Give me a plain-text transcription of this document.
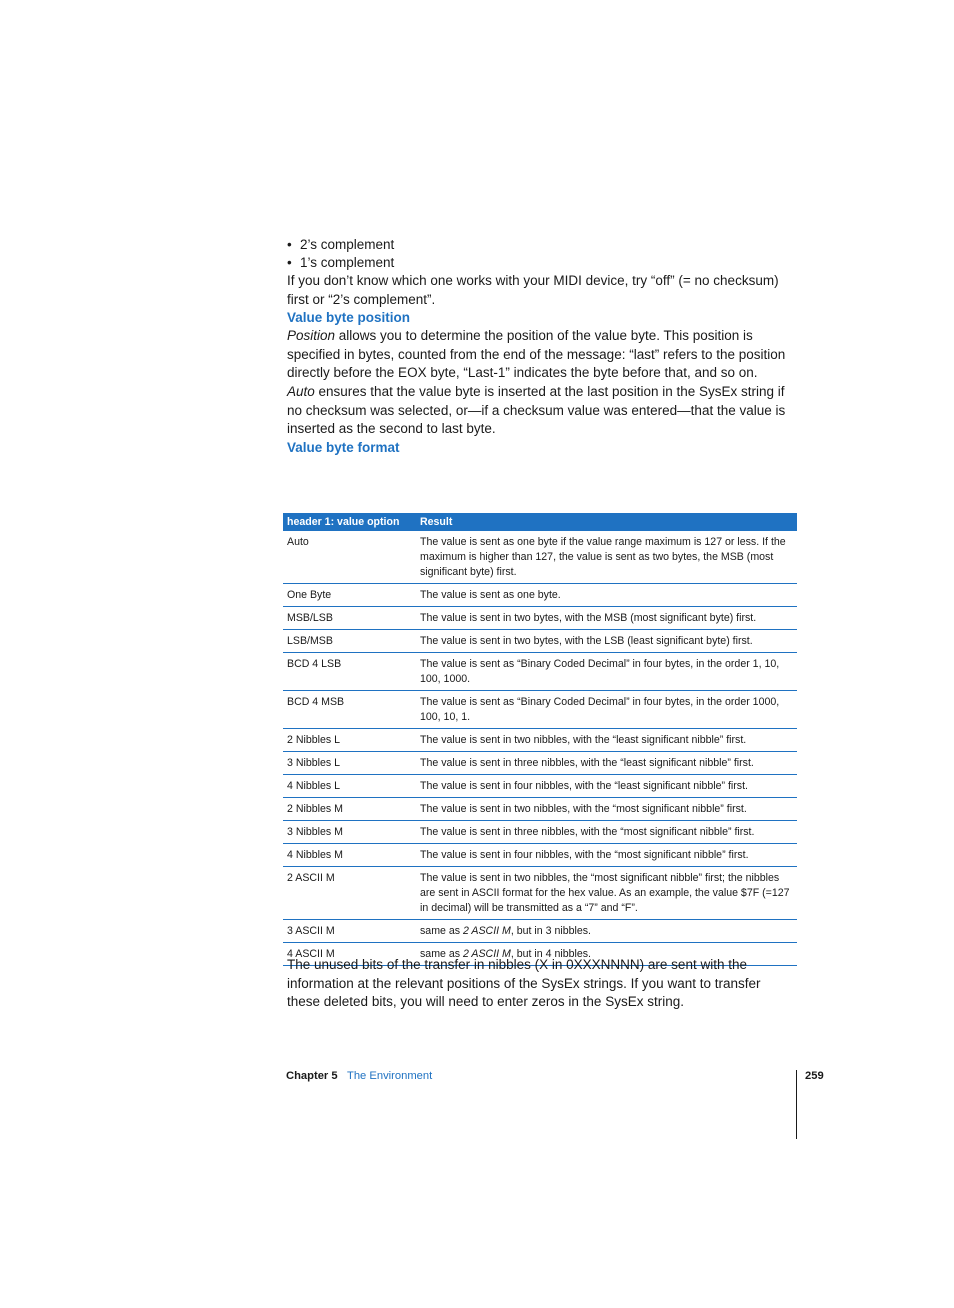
• 2’s complement
• 1’s complement

If you don’t know which one works with your MIDI device, try “off” (= no checksum) first or “2’s complement”.

Value byte position

Position allows you to determine the position of the value byte. This position is specified in bytes, counted from the end of the message: “last” refers to the position directly before the EOX byte, “Last-1” indicates the byte before that, and so on.

Auto ensures that the value byte is inserted at the last position in the SysEx string if no checksum was selected, or—if a checksum value was entered—that the value is inserted as the second to last byte.

Value byte format
header 1: value option	Result
Auto	The value is sent as one byte if the value range maximum is 127 or less. If the maximum is higher than 127, the value is sent as two bytes, the MSB (most significant byte) first.
One Byte	The value is sent as one byte.
MSB/LSB	The value is sent in two bytes, with the MSB (most significant byte) first.
LSB/MSB	The value is sent in two bytes, with the LSB (least significant byte) first.
BCD 4 LSB	The value is sent as “Binary Coded Decimal” in four bytes, in the order 1, 10, 100, 1000.
BCD 4 MSB	The value is sent as “Binary Coded Decimal” in four bytes, in the order 1000, 100, 10, 1.
2 Nibbles L	The value is sent in two nibbles, with the “least significant nibble” first.
3 Nibbles L	The value is sent in three nibbles, with the “least significant nibble” first.
4 Nibbles L	The value is sent in four nibbles, with the “least significant nibble” first.
2 Nibbles M	The value is sent in two nibbles, with the “most significant nibble” first.
3 Nibbles M	The value is sent in three nibbles, with the “most significant nibble” first.
4 Nibbles M	The value is sent in four nibbles, with the “most significant nibble” first.
2 ASCII M	The value is sent in two nibbles, the “most significant nibble” first; the nibbles are sent in ASCII format for the hex value. As an example, the value $7F (=127 in decimal) will be transmitted as a “7” and “F”.
3 ASCII M	same as 2 ASCII M, but in 3 nibbles.
4 ASCII M	same as 2 ASCII M, but in 4 nibbles.

The unused bits of the transfer in nibbles (X in 0XXXNNNN) are sent with the information at the relevant positions of the SysEx strings. If you want to transfer these deleted bits, you will need to enter zeros in the SysEx string.

Chapter 5 The Environment	259
